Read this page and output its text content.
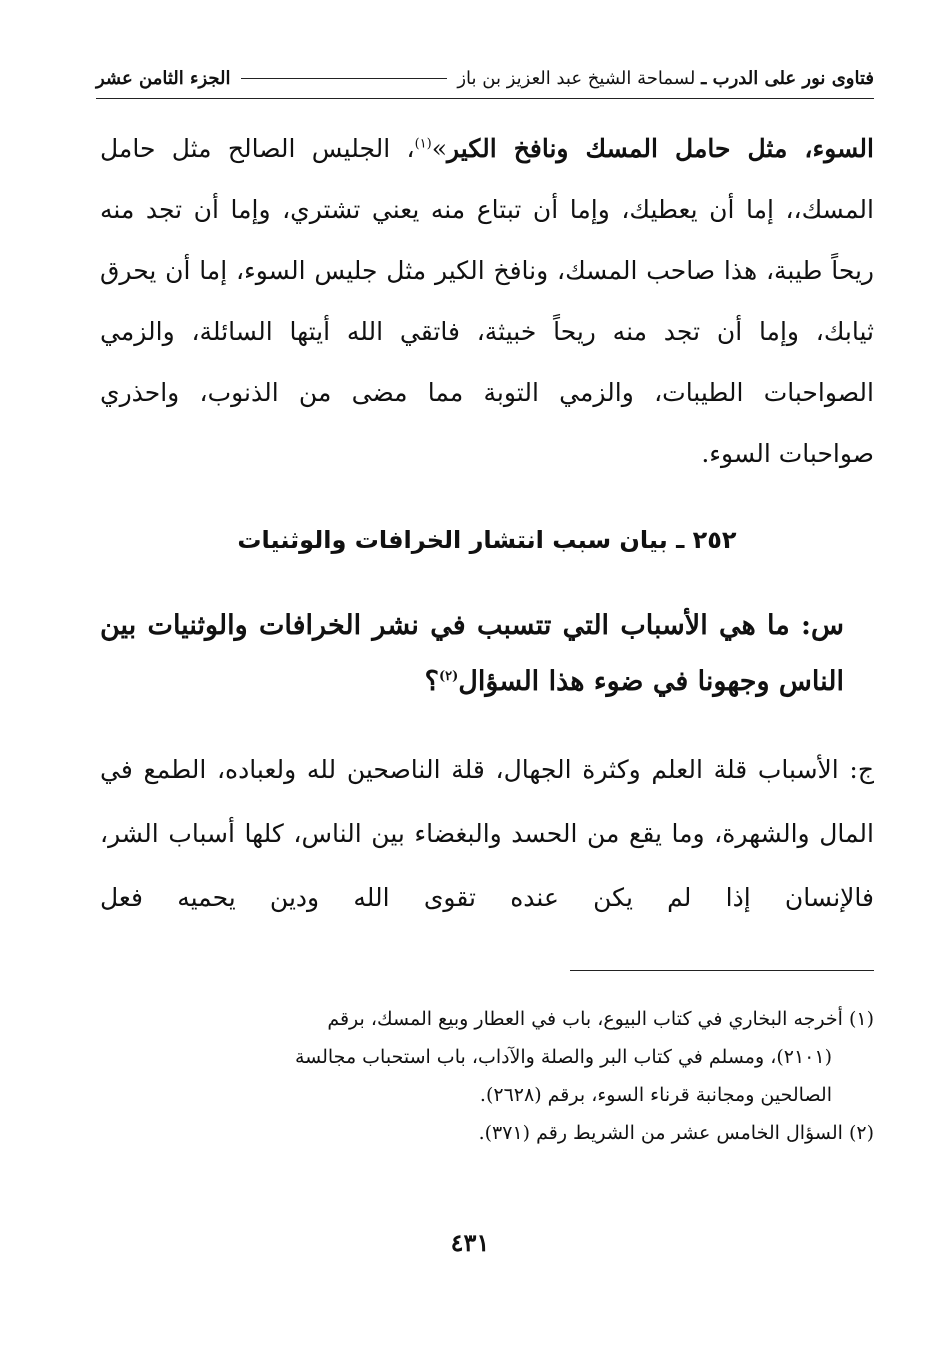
فتاوى نور على الدرب ـ لسماحة الشيخ عبد العزيز بن باز
الجزء الثامن عشر
السوء، مثل حامل المسك ونافخ الكير»$^{(١)}$، الجليس الصالح مثل حامل المسك،، إما أن يعطيك، وإما أن تبتاع منه يعني تشتري، وإما أن تجد منه ريحاً طيبة، هذا صاحب المسك، ونافخ الكير مثل جليس السوء، إما أن يحرق ثيابك، وإما أن تجد منه ريحاً خبيثة، فاتقي الله أيتها السائلة، والزمي الصواحبات الطيبات، والزمي التوبة مما مضى من الذنوب، واحذري صواحبات السوء.
٢٥٢ ـ بيان سبب انتشار الخرافات والوثنيات
س: ما هي الأسباب التي تتسبب في نشر الخرافات والوثنيات بين الناس وجهونا في ضوء هذا السؤال$^{(٢)}$؟
ج: الأسباب قلة العلم وكثرة الجهال، قلة الناصحين لله ولعباده، الطمع في المال والشهرة، وما يقع من الحسد والبغضاء بين الناس، كلها أسباب الشر، فالإنسان إذا لم يكن عنده تقوى الله ودين يحميه فعل

(١) أخرجه البخاري في كتاب البيوع، باب في العطار وبيع المسك، برقم
(٢١٠١)، ومسلم في كتاب البر والصلة والآداب، باب استحباب مجالسة
الصالحين ومجانبة قرناء السوء، برقم (٢٦٢٨).

(٢) السؤال الخامس عشر من الشريط رقم (٣٧١).

٤٣١
